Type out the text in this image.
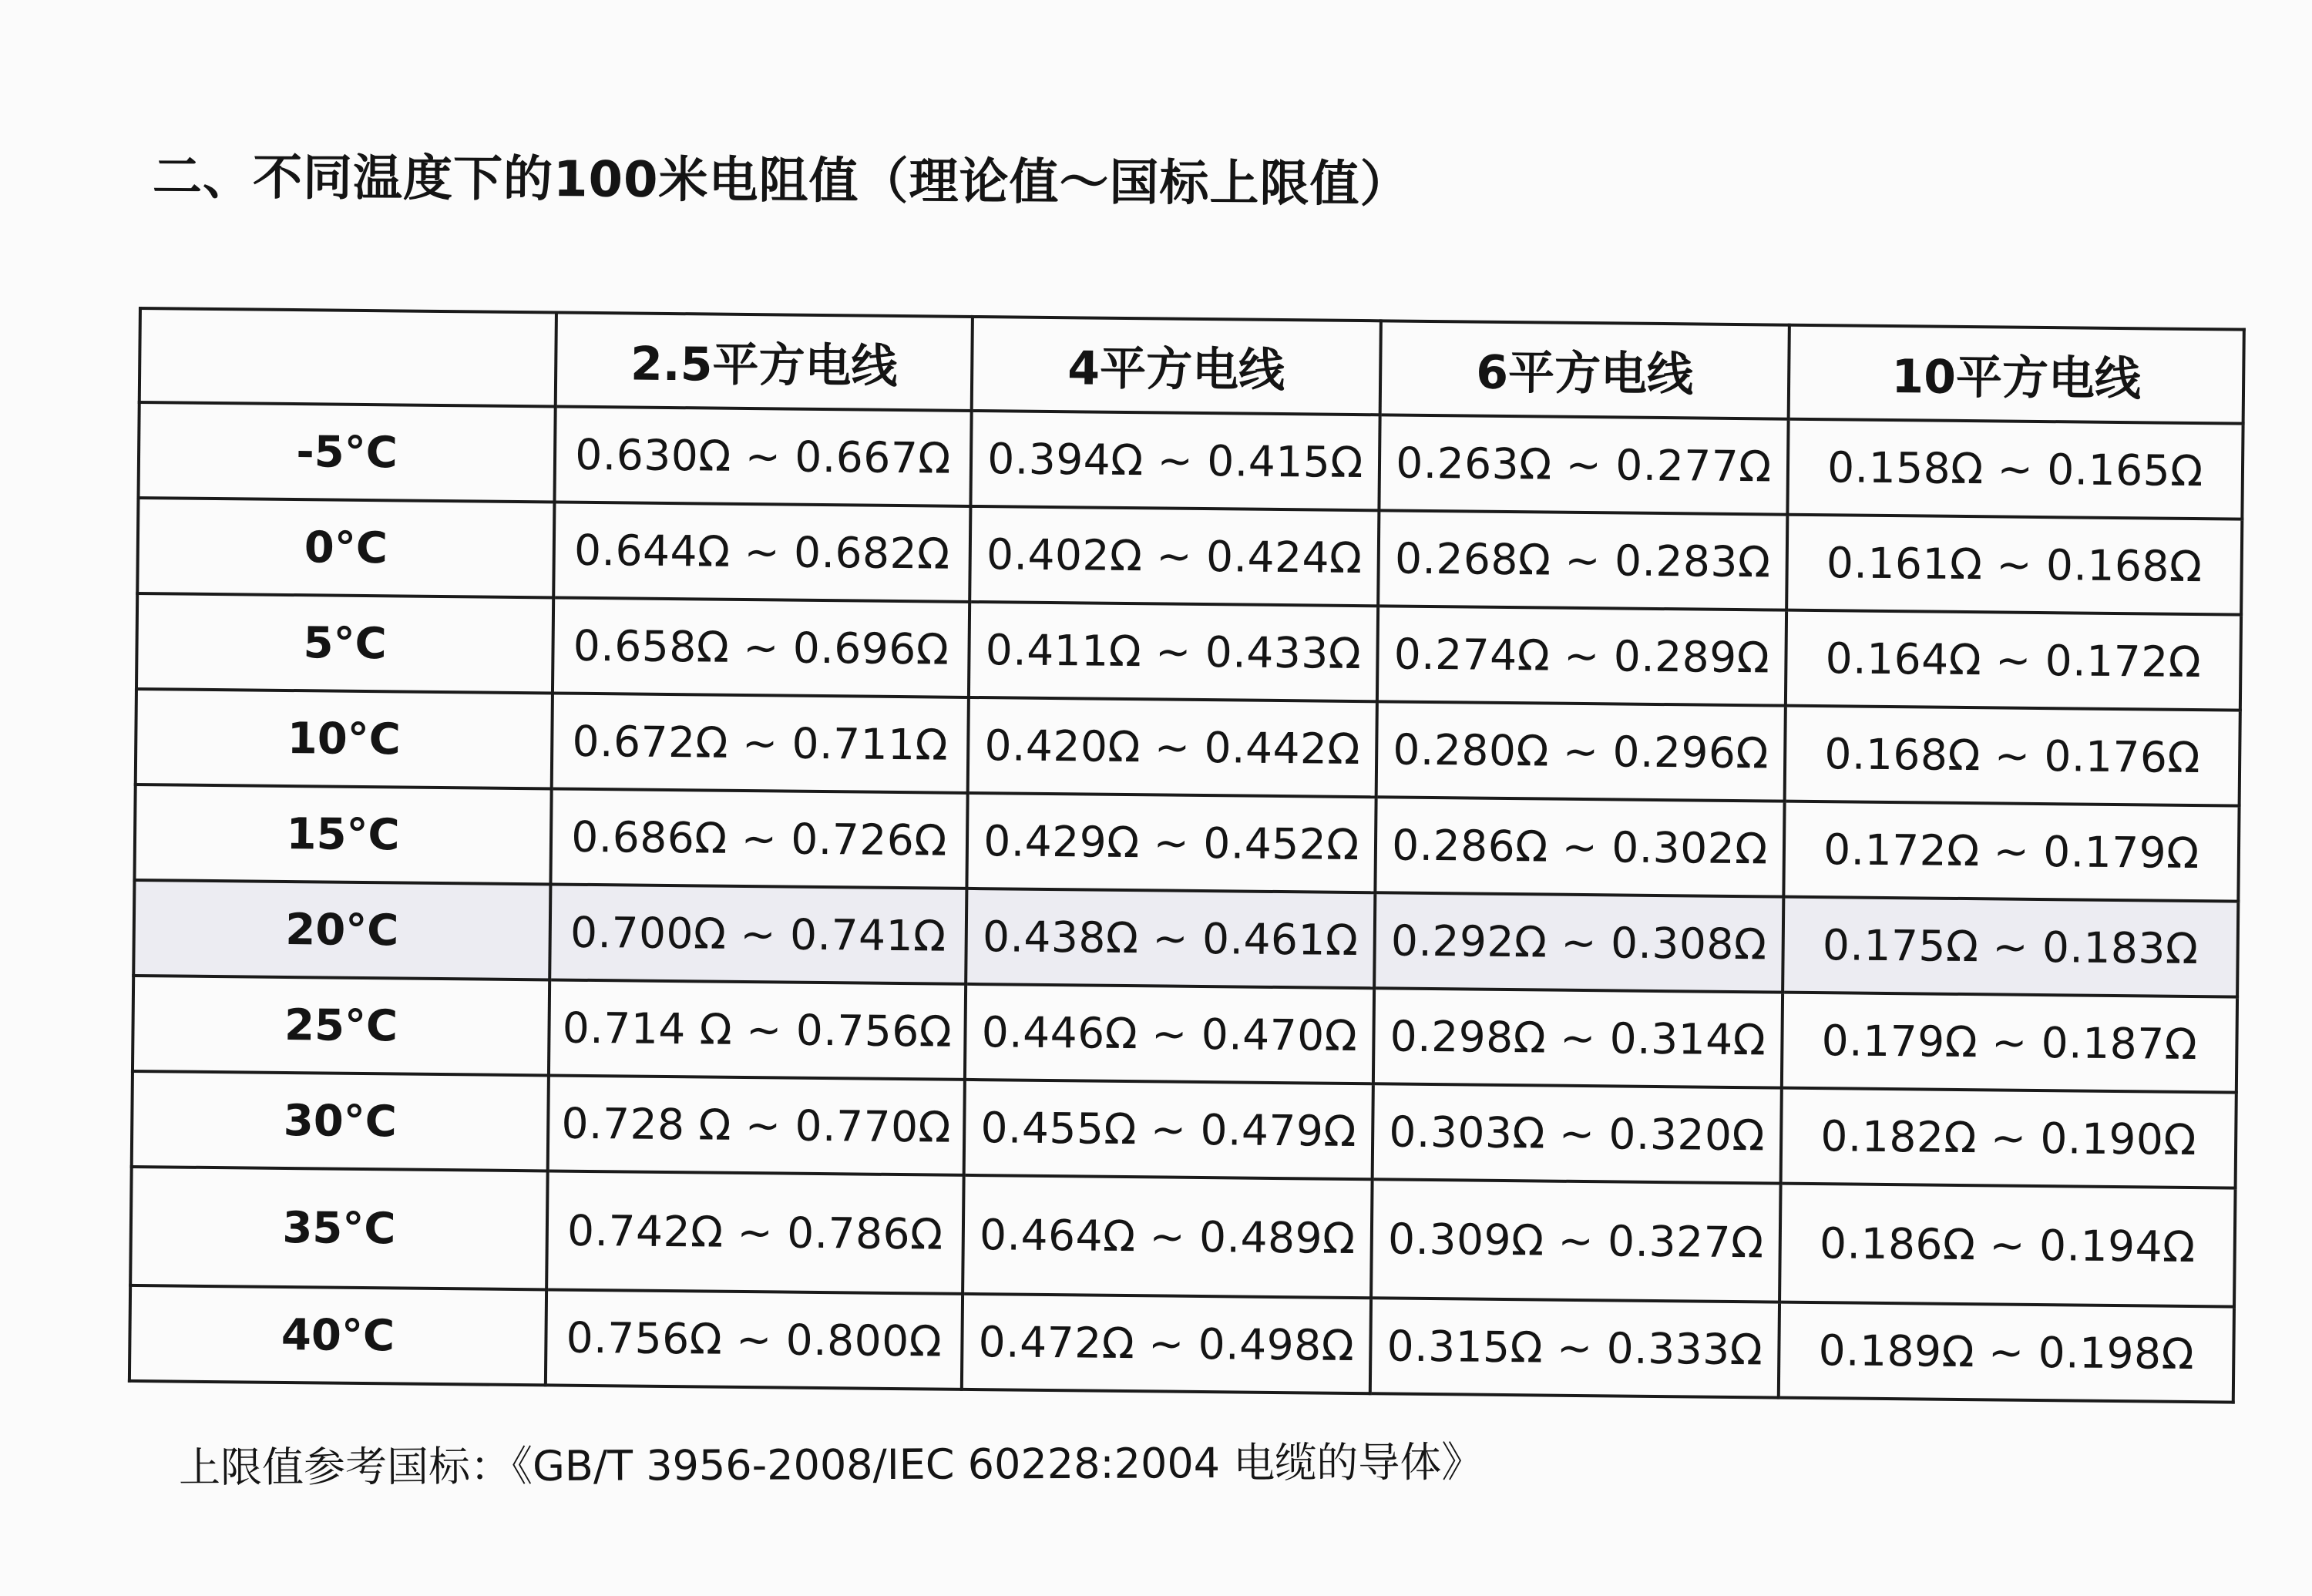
二、不同温度下的100米电阻值（理论值～国标上限值）
	2.5平方电线	4平方电线	6平方电线	10平方电线
-5°C	0.630Ω ~ 0.667Ω	0.394Ω ~ 0.415Ω	0.263Ω ~ 0.277Ω	0.158Ω ~ 0.165Ω
0°C	0.644Ω ~ 0.682Ω	0.402Ω ~ 0.424Ω	0.268Ω ~ 0.283Ω	0.161Ω ~ 0.168Ω
5°C	0.658Ω ~ 0.696Ω	0.411Ω ~ 0.433Ω	0.274Ω ~ 0.289Ω	0.164Ω ~ 0.172Ω
10°C	0.672Ω ~ 0.711Ω	0.420Ω ~ 0.442Ω	0.280Ω ~ 0.296Ω	0.168Ω ~ 0.176Ω
15°C	0.686Ω ~ 0.726Ω	0.429Ω ~ 0.452Ω	0.286Ω ~ 0.302Ω	0.172Ω ~ 0.179Ω
20°C	0.700Ω ~ 0.741Ω	0.438Ω ~ 0.461Ω	0.292Ω ~ 0.308Ω	0.175Ω ~ 0.183Ω
25°C	0.714 Ω ~ 0.756Ω	0.446Ω ~ 0.470Ω	0.298Ω ~ 0.314Ω	0.179Ω ~ 0.187Ω
30°C	0.728 Ω ~ 0.770Ω	0.455Ω ~ 0.479Ω	0.303Ω ~ 0.320Ω	0.182Ω ~ 0.190Ω
35°C	0.742Ω ~ 0.786Ω	0.464Ω ~ 0.489Ω	0.309Ω ~ 0.327Ω	0.186Ω ~ 0.194Ω
40°C	0.756Ω ~ 0.800Ω	0.472Ω ~ 0.498Ω	0.315Ω ~ 0.333Ω	0.189Ω ~ 0.198Ω
上限值参考国标：《GB/T 3956-2008/IEC 60228:2004 电缆的导体》
